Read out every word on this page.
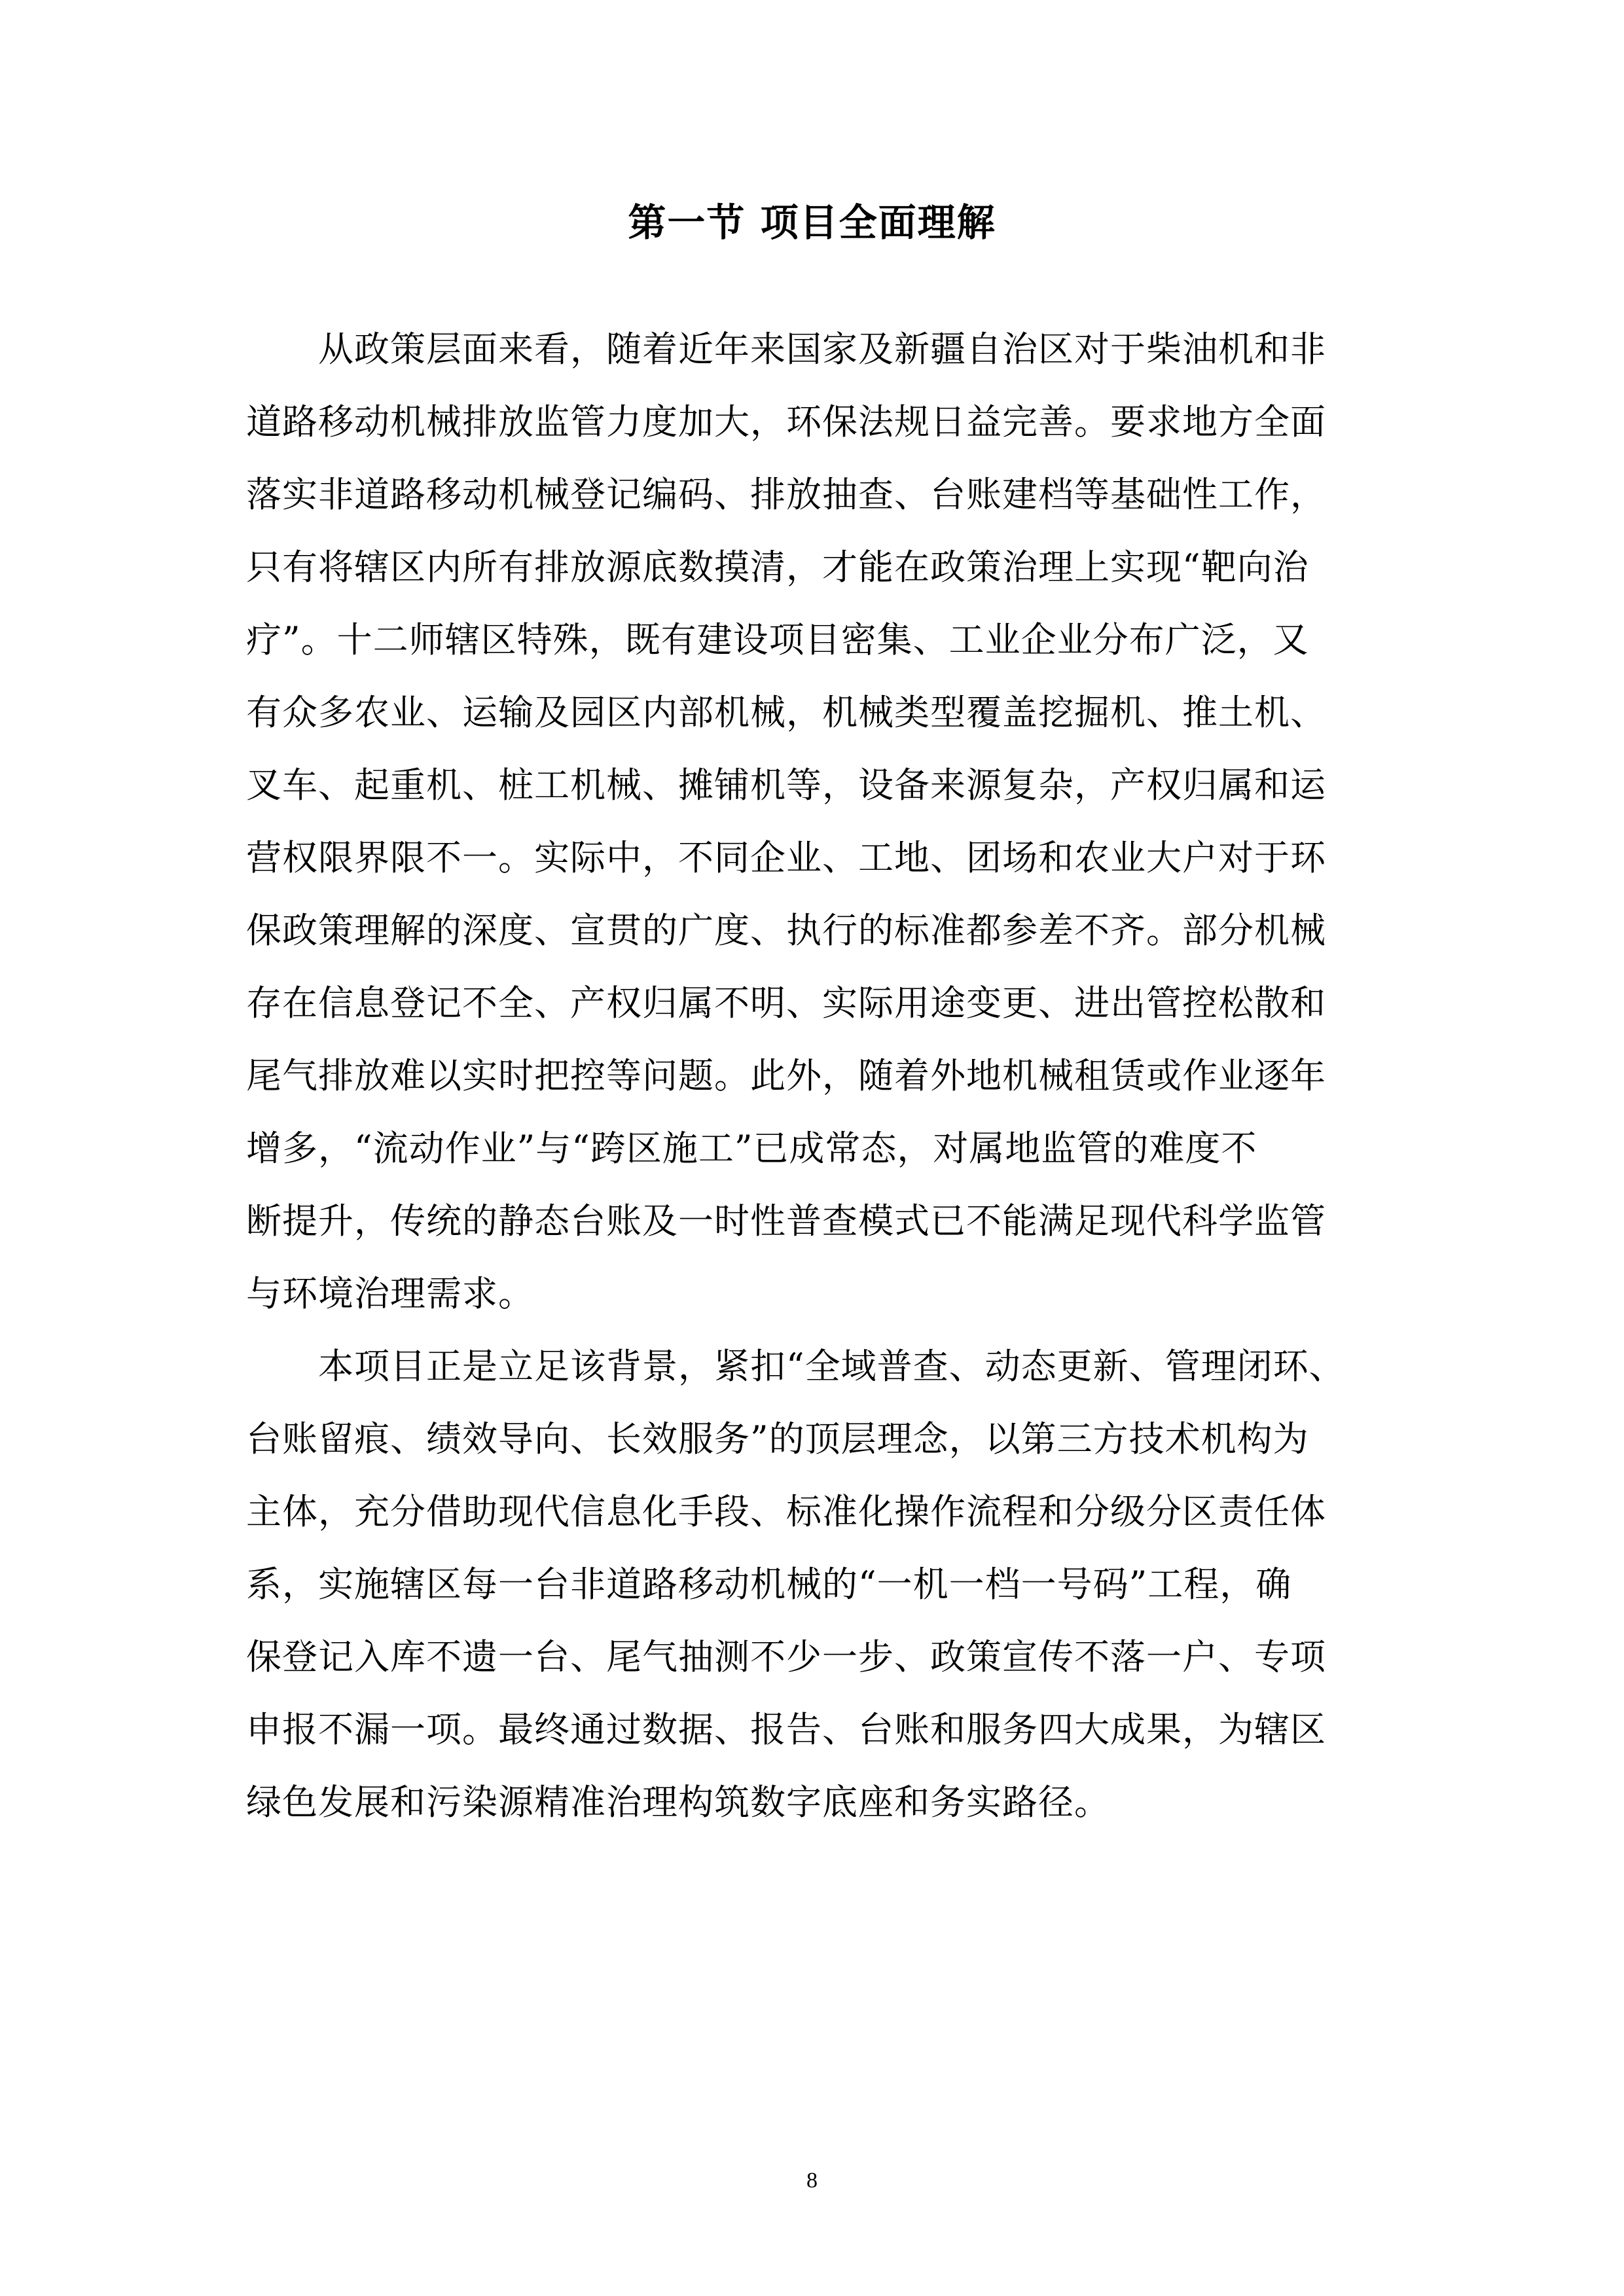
第一节 项目全面理解
　　从政策层面来看，随着近年来国家及新疆自治区对于柴油机和非
道路移动机械排放监管力度加大，环保法规日益完善。要求地方全面
落实非道路移动机械登记编码、排放抽查、台账建档等基础性工作，
只有将辖区内所有排放源底数摸清，才能在政策治理上实现“靶向治
疗”。十二师辖区特殊，既有建设项目密集、工业企业分布广泛，又
有众多农业、运输及园区内部机械，机械类型覆盖挖掘机、推土机、
叉车、起重机、桩工机械、摊铺机等，设备来源复杂，产权归属和运
营权限界限不一。实际中，不同企业、工地、团场和农业大户对于环
保政策理解的深度、宣贯的广度、执行的标准都参差不齐。部分机械
存在信息登记不全、产权归属不明、实际用途变更、进出管控松散和
尾气排放难以实时把控等问题。此外，随着外地机械租赁或作业逐年
增多，“流动作业”与“跨区施工”已成常态，对属地监管的难度不
断提升，传统的静态台账及一时性普查模式已不能满足现代科学监管
与环境治理需求。
　　本项目正是立足该背景，紧扣“全域普查、动态更新、管理闭环、
台账留痕、绩效导向、长效服务”的顶层理念，以第三方技术机构为
主体，充分借助现代信息化手段、标准化操作流程和分级分区责任体
系，实施辖区每一台非道路移动机械的“一机一档一号码”工程，确
保登记入库不遗一台、尾气抽测不少一步、政策宣传不落一户、专项
申报不漏一项。最终通过数据、报告、台账和服务四大成果，为辖区
绿色发展和污染源精准治理构筑数字底座和务实路径。
8
